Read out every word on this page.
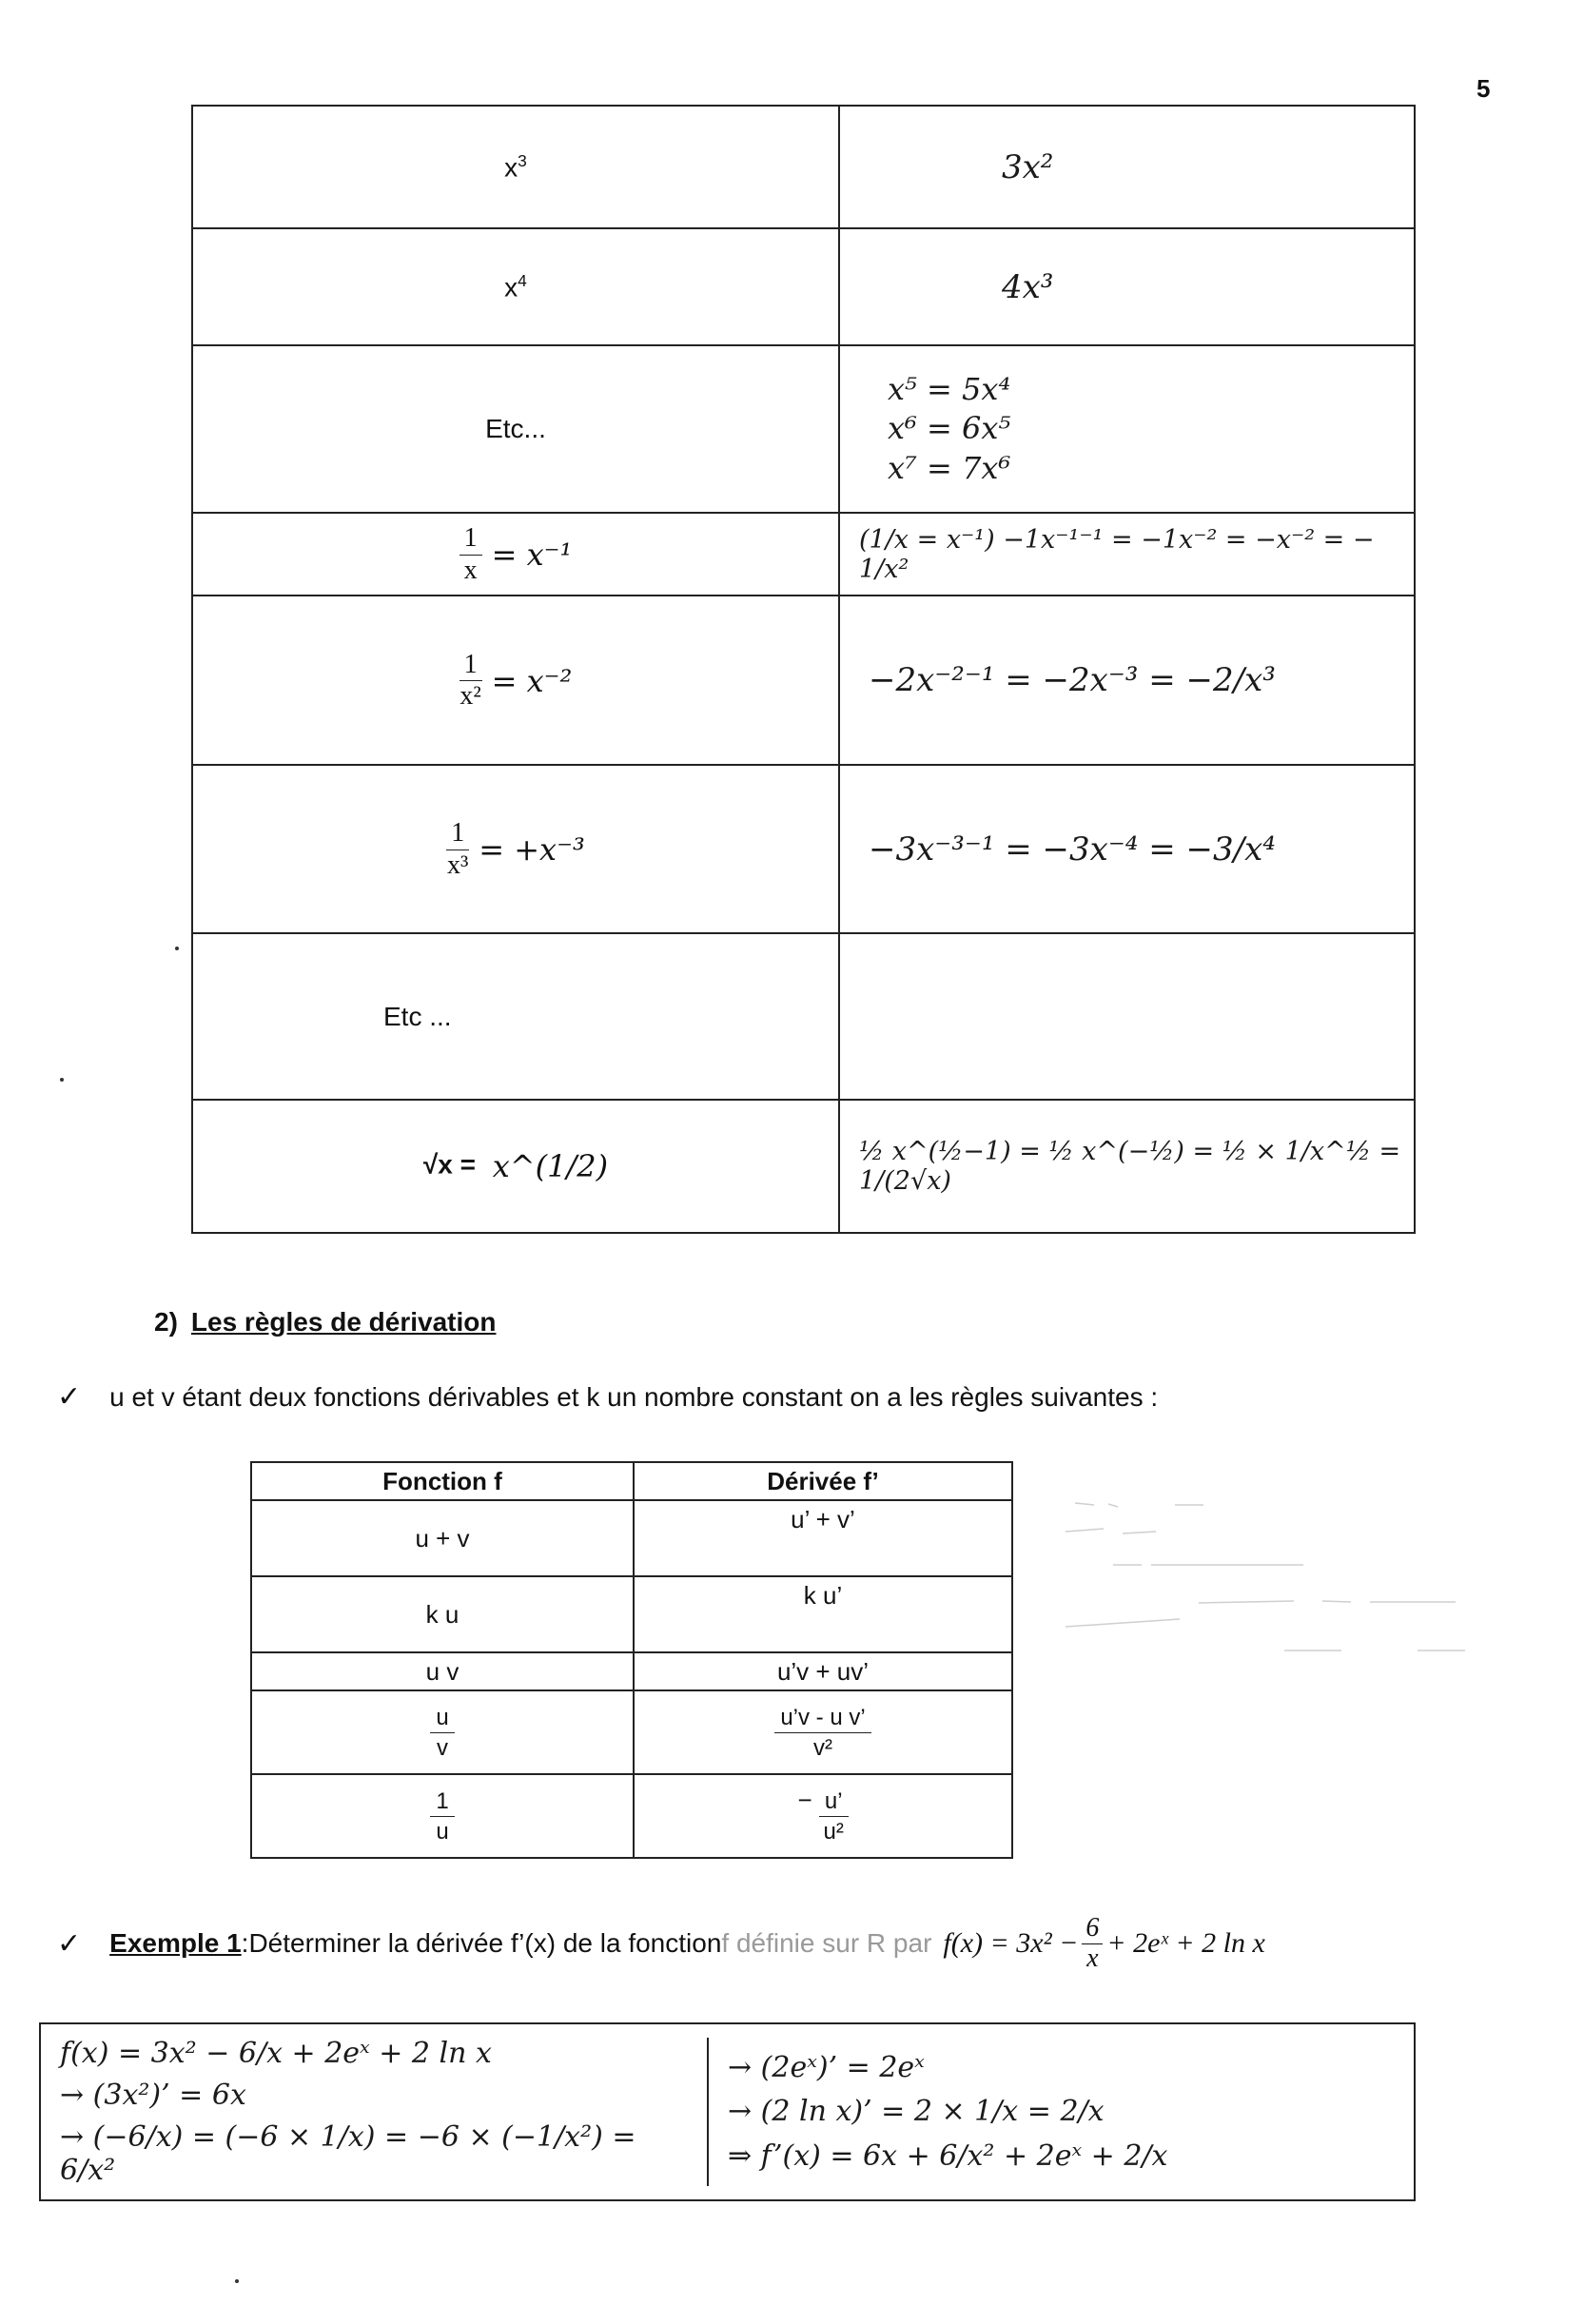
5
$x^3$	3x²
$x^4$	4x³
Etc...	x⁵ = 5x⁴
x⁶ = 6x⁵
x⁷ = 7x⁶

$\frac{1}{x} = x^{-1}$	(1/x = x⁻¹) −1x⁻¹⁻¹ = −1x⁻² = −x⁻² = − 1/x²

$\frac{1}{\text{x²}} = x^{-2}$	−2x⁻²⁻¹ = −2x⁻³ = −2/x³

$\frac{1}{\text{x³}} = +x^{-3}$	−3x⁻³⁻¹ = −3x⁻⁴ = −3/x⁴
Etc ...	
√x = x^(1/2)	½ x^(½−1) = ½ x^(−½) = ½ × 1/x^½ = 1/(2√x)
2) Les règles de dérivation
✓ u et v étant deux fonctions dérivables et k un nombre constant on a les règles suivantes :
Fonction f	Dérivée f’
u + v	u’ + v’
k u	k u’
u v	u’v + uv’

$\frac{u}{v}$	$\frac{\text{u’v - u v’}}{\text{v²}}$

$\frac{1}{u}$	− $\frac{u’}{\text{u²}}$
✓ Exemple 1 : Déterminer la dérivée f’(x) de la fonction f définie sur R par $f(x) = 3x^2 - \frac{6}{x}$ + 2eˣ + 2 ln x
f(x) = 3x² − 6/x + 2eˣ + 2 ln x
→ (3x²)’ = 6x
→ (−6/x) = (−6 × 1/x) = −6 × (−1/x²) = 6/x²
→ (2eˣ)’ = 2eˣ
→ (2 ln x)’ = 2 × 1/x = 2/x
⇒ f’(x) = 6x + 6/x² + 2eˣ + 2/x
